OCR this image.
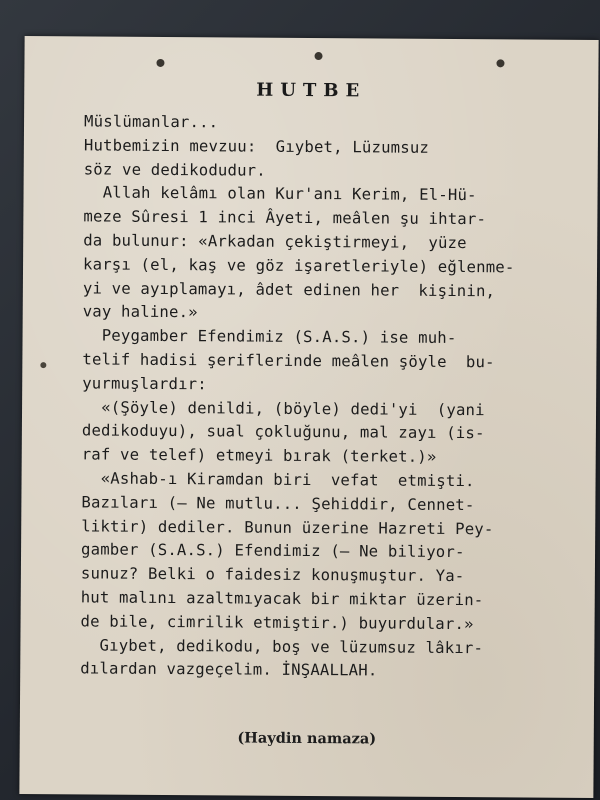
HUTBE
Müslümanlar...
Hutbemizin mevzuu:  Gıybet, Lüzumsuz
söz ve dedikodudur.
Allah kelâmı olan Kur'anı Kerim, El-Hü-
meze Sûresi 1 inci Âyeti, meâlen şu ihtar-
da bulunur: «Arkadan çekiştirmeyi,  yüze
karşı (el, kaş ve göz işaretleriyle) eğlenme-
yi ve ayıplamayı, âdet edinen her  kişinin,
vay haline.»
Peygamber Efendimiz (S.A.S.) ise muh-
telif hadisi şeriflerinde meâlen şöyle  bu-
yurmuşlardır:
«(Şöyle) denildi, (böyle) dedi'yi  (yani
dedikoduyu), sual çokluğunu, mal zayı (is-
raf ve telef) etmeyi bırak (terket.)»
«Ashab-ı Kiramdan biri  vefat  etmişti.
Bazıları (— Ne mutlu... Şehiddir, Cennet-
liktir) dediler. Bunun üzerine Hazreti Pey-
gamber (S.A.S.) Efendimiz (— Ne biliyor-
sunuz? Belki o faidesiz konuşmuştur. Ya-
hut malını azaltmıyacak bir miktar üzerin-
de bile, cimrilik etmiştir.) buyurdular.»
Gıybet, dedikodu, boş ve lüzumsuz lâkır-
dılardan vazgeçelim. İNŞAALLAH.
(Haydin namaza)
